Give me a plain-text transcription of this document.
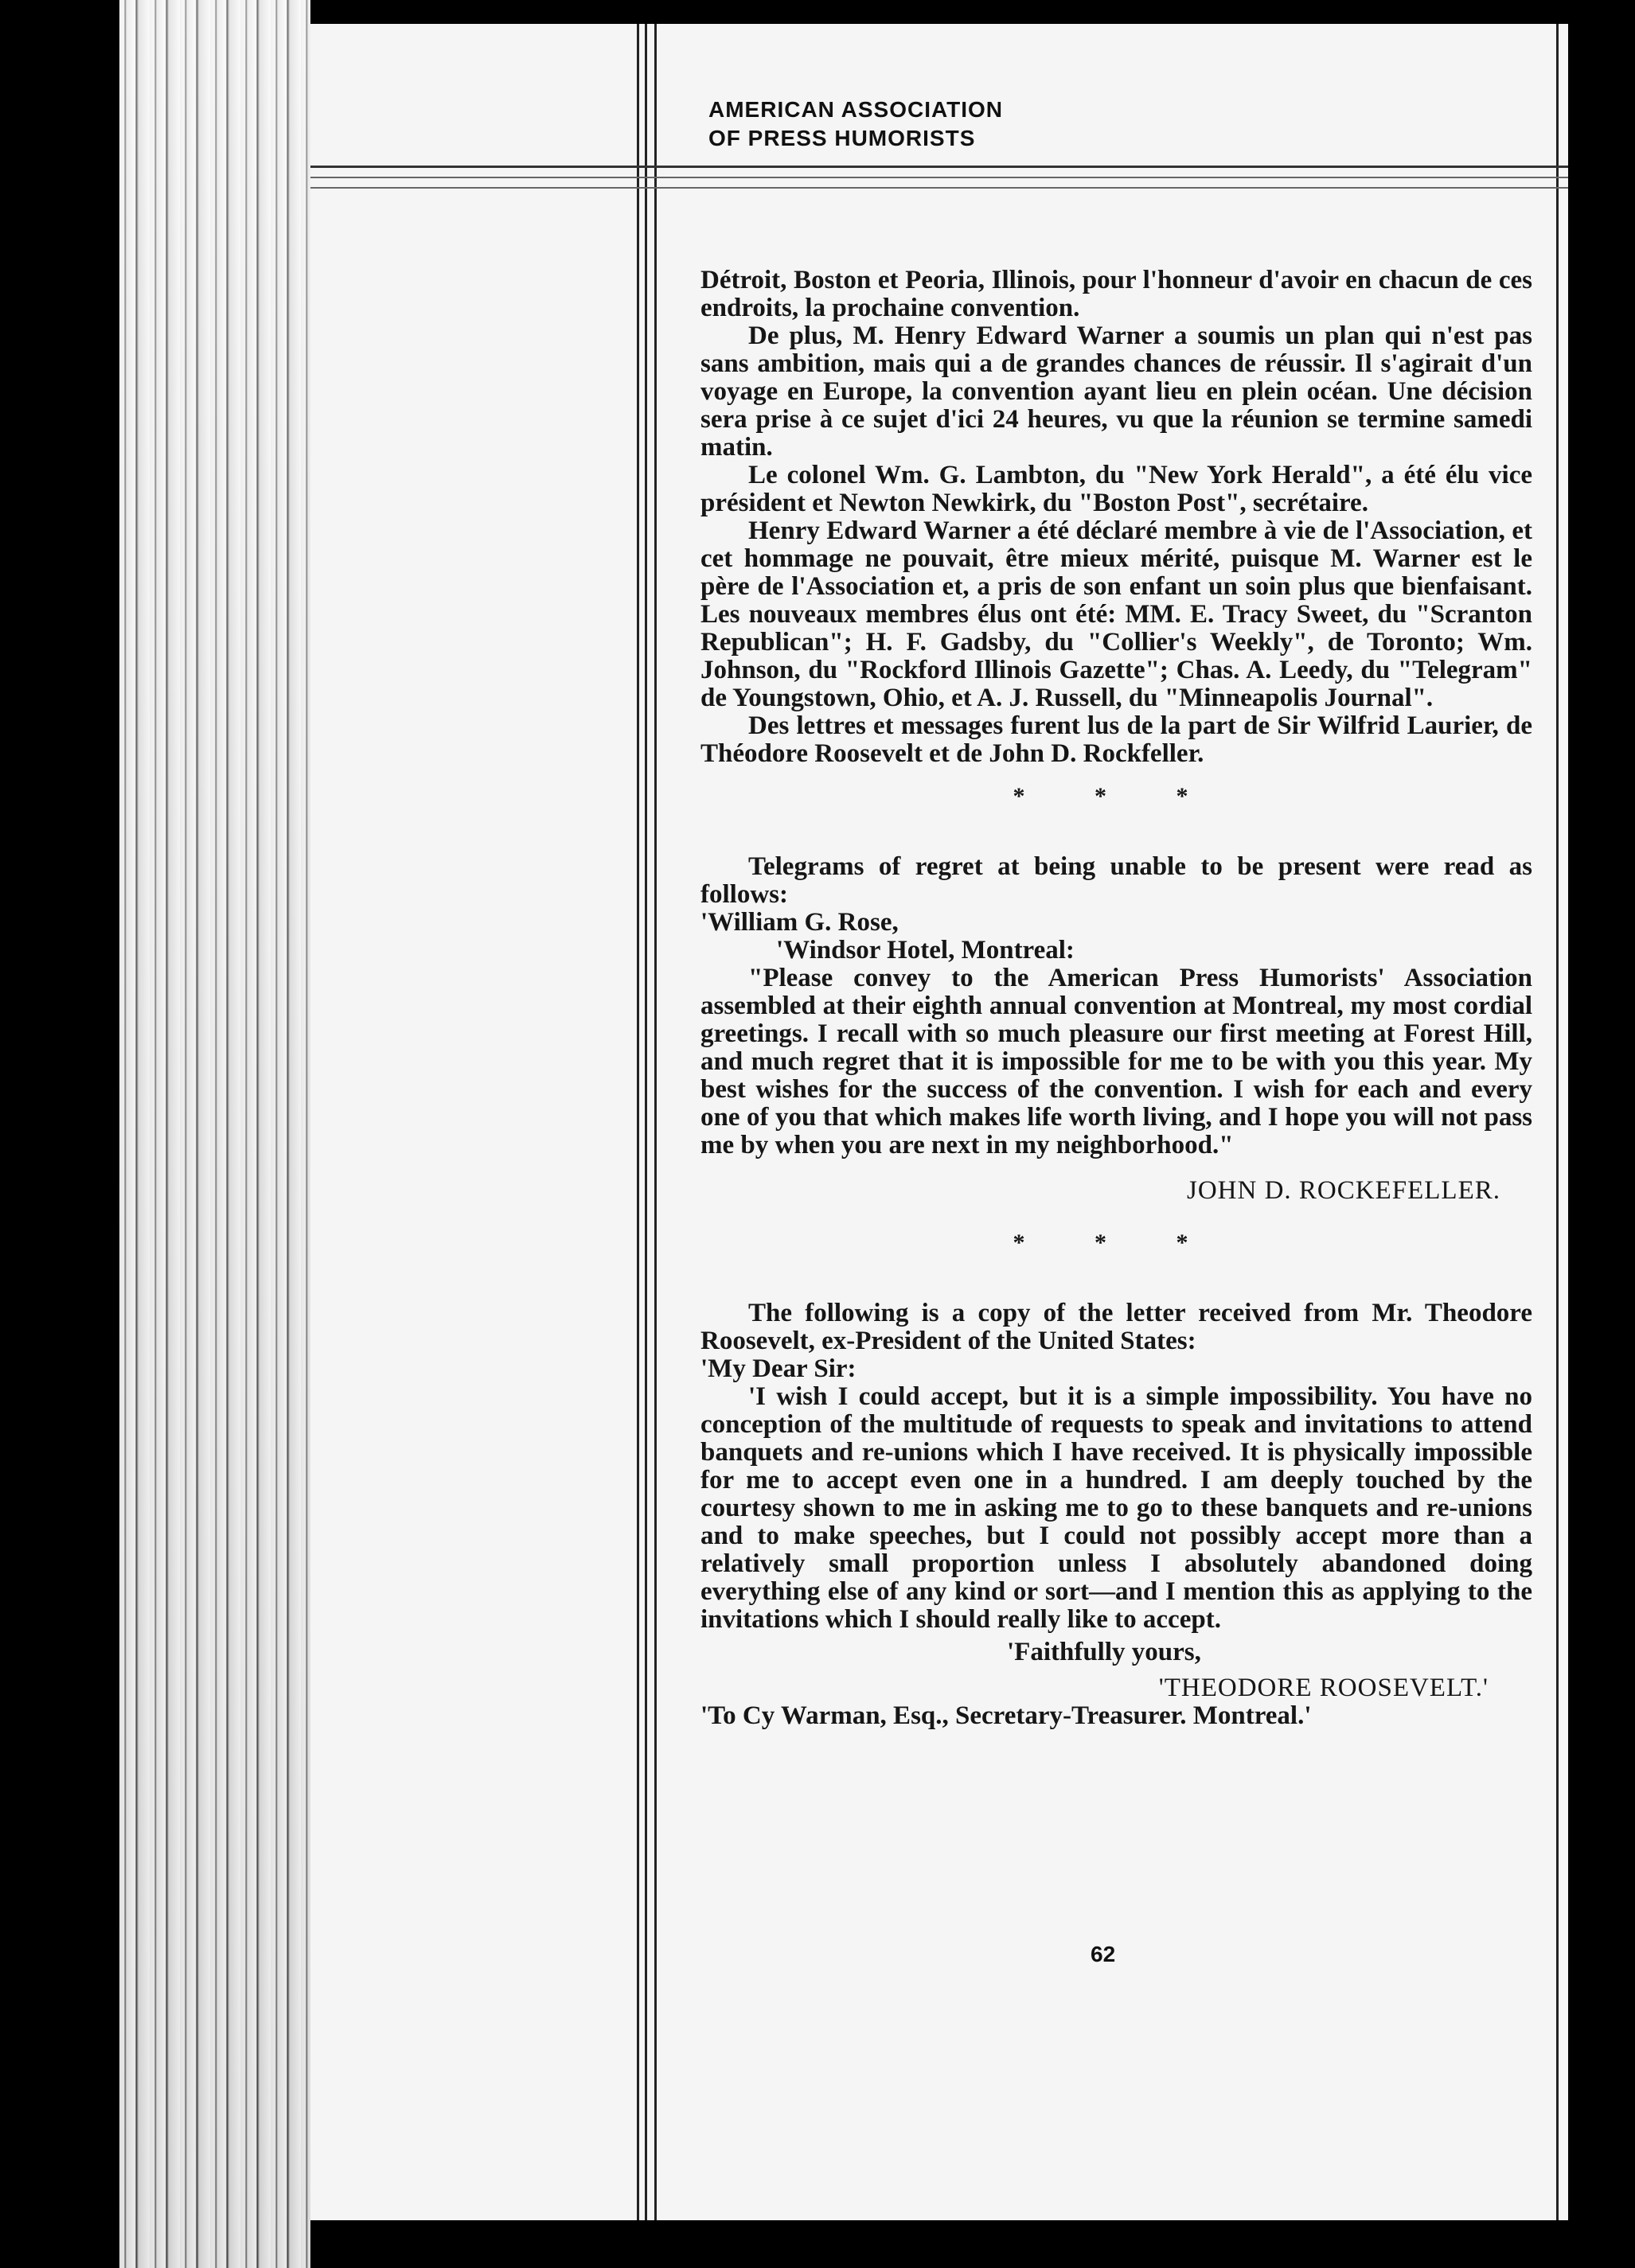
AMERICAN ASSOCIATION
OF PRESS HUMORISTS

Détroit, Boston et Peoria, Illinois, pour l'honneur d'avoir en chacun de ces endroits, la prochaine convention.

De plus, M. Henry Edward Warner a soumis un plan qui n'est pas sans ambition, mais qui a de grandes chances de réussir. Il s'agirait d'un voyage en Europe, la convention ayant lieu en plein océan. Une décision sera prise à ce sujet d'ici 24 heures, vu que la réunion se termine samedi matin.

Le colonel Wm. G. Lambton, du "New York Herald", a été élu vice président et Newton Newkirk, du "Boston Post", secrétaire.

Henry Edward Warner a été déclaré membre à vie de l'Association, et cet hommage ne pouvait, être mieux mérité, puisque M. Warner est le père de l'Association et, a pris de son enfant un soin plus que bienfaisant. Les nouveaux membres élus ont été: MM. E. Tracy Sweet, du "Scranton Republican"; H. F. Gadsby, du "Collier's Weekly", de Toronto; Wm. Johnson, du "Rockford Illinois Gazette"; Chas. A. Leedy, du "Telegram" de Youngstown, Ohio, et A. J. Russell, du "Minneapolis Journal".

Des lettres et messages furent lus de la part de Sir Wilfrid Laurier, de Théodore Roosevelt et de John D. Rockfeller.

* * *

Telegrams of regret at being unable to be present were read as follows:

'William G. Rose,

'Windsor Hotel, Montreal:

"Please convey to the American Press Humorists' Association assembled at their eighth annual convention at Montreal, my most cordial greetings. I recall with so much pleasure our first meeting at Forest Hill, and much regret that it is impossible for me to be with you this year. My best wishes for the success of the convention. I wish for each and every one of you that which makes life worth living, and I hope you will not pass me by when you are next in my neighborhood."

JOHN D. ROCKEFELLER.

* * *

The following is a copy of the letter received from Mr. Theodore Roosevelt, ex-President of the United States:

'My Dear Sir:

'I wish I could accept, but it is a simple impossibility. You have no conception of the multitude of requests to speak and invitations to attend banquets and re-unions which I have received. It is physically impossible for me to accept even one in a hundred. I am deeply touched by the courtesy shown to me in asking me to go to these banquets and re-unions and to make speeches, but I could not possibly accept more than a relatively small proportion unless I absolutely abandoned doing everything else of any kind or sort—and I mention this as applying to the invitations which I should really like to accept.

'Faithfully yours,

'THEODORE ROOSEVELT.'

'To Cy Warman, Esq., Secretary-Treasurer. Montreal.'

62
